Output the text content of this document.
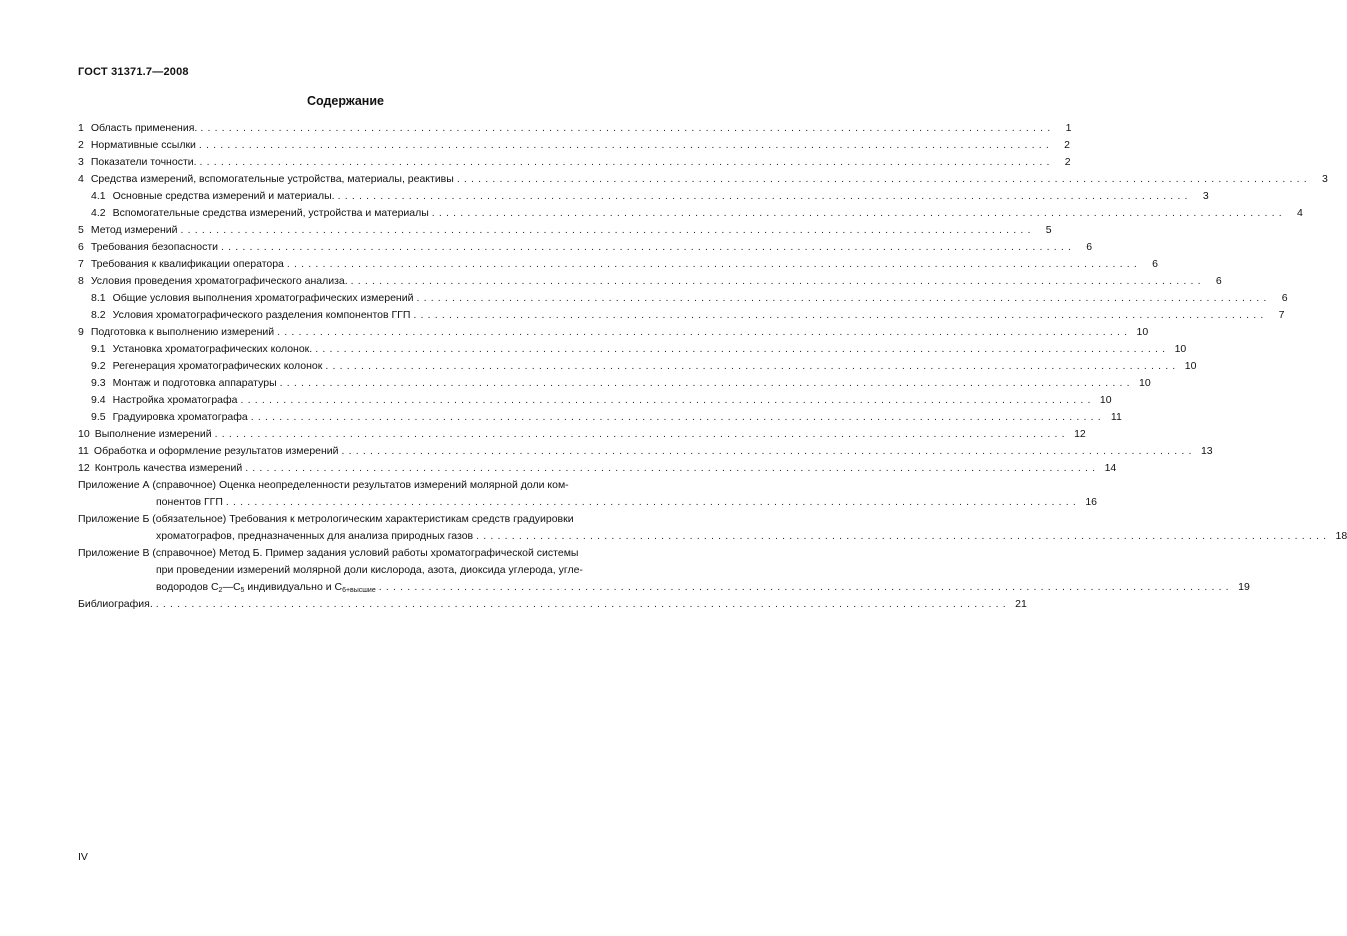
ГОСТ 31371.7—2008
Содержание
1 Область применения. ........................................................................................................................	1
2 Нормативные ссылки ........................................................................................................................	2
3 Показатели точности. ........................................................................................................................	2
4 Средства измерений, вспомогательные устройства, материалы, реактивы ........................................................................................................................	3
4.1 Основные средства измерений и материалы. ........................................................................................................................	3
4.2 Вспомогательные средства измерений, устройства и материалы ........................................................................................................................	4
5 Метод измерений ........................................................................................................................	5
6 Требования безопасности ........................................................................................................................	6
7 Требования к квалификации оператора ........................................................................................................................	6
8 Условия проведения хроматографического анализа. ........................................................................................................................	6
8.1 Общие условия выполнения хроматографических измерений ........................................................................................................................	6
8.2 Условия хроматографического разделения компонентов ГГП ........................................................................................................................	7
9 Подготовка к выполнению измерений ........................................................................................................................ 10
9.1 Установка хроматографических колонок. ........................................................................................................................ 10
9.2 Регенерация хроматографических колонок ........................................................................................................................ 10
9.3 Монтаж и подготовка аппаратуры ........................................................................................................................ 10
9.4 Настройка хроматографа ........................................................................................................................ 10
9.5 Градуировка хроматографа ........................................................................................................................ 11
10 Выполнение измерений ........................................................................................................................ 12
11 Обработка и оформление результатов измерений ........................................................................................................................ 13
12 Контроль качества измерений ........................................................................................................................ 14
Приложение А (справочное) Оценка неопределенности результатов измерений молярной доли ком-
понентов ГГП ........................................................................................................................ 16
Приложение Б (обязательное) Требования к метрологическим характеристикам средств градуировки
хроматографов, предназначенных для анализа природных газов ........................................................................................................................ 18
Приложение В (справочное) Метод Б. Пример задания условий работы хроматографической системы
при проведении измерений молярной доли кислорода, азота, диоксида углерода, угле-
водородов $C_2—C_5$ индивидуально и $C_{6+высшие}$ ........................................................................................................................ 19
Библиография. ........................................................................................................................ 21
IV
